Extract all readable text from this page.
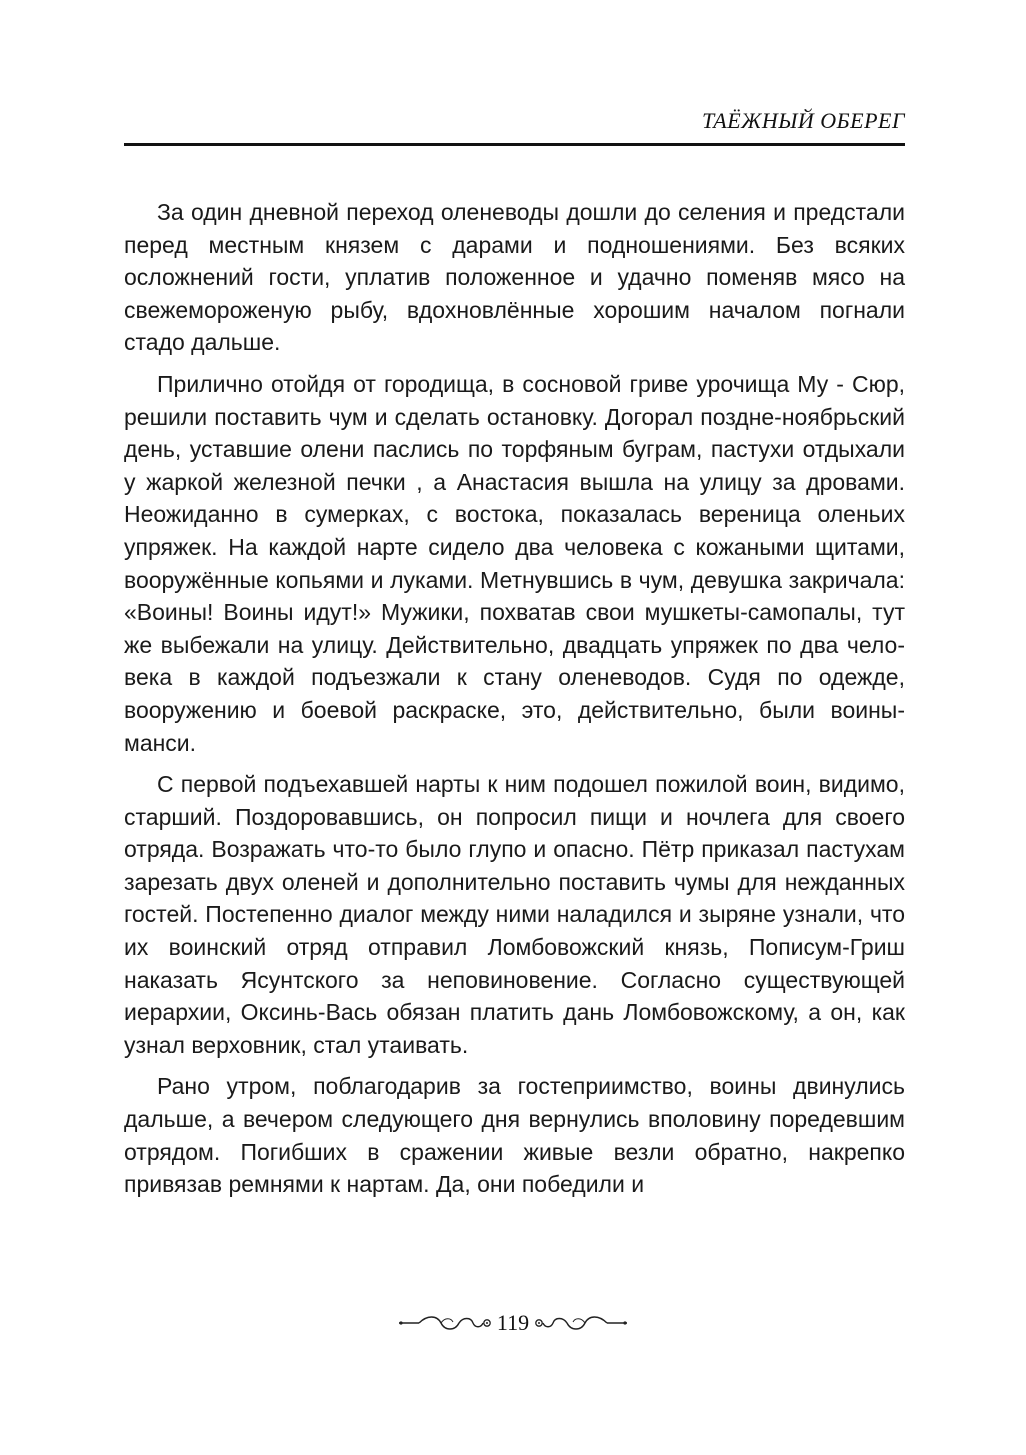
ТАЁЖНЫЙ ОБЕРЕГ

За один дневной переход оленеводы дошли до селения и предстали перед местным князем с дарами и подношениями. Без всяких осложнений гости, уплатив положенное и удачно поменяв мясо на свежемороженую рыбу, вдохновлённые хорошим началом погнали стадо дальше.

Прилично отойдя от городища, в сосновой гриве урочища Му - Сюр, решили поставить чум и сделать остановку. Догорал поздне-ноябрьский день, уставшие олени паслись по торфяным буграм, пастухи отдыхали у жаркой железной печки , а Анастасия вышла на улицу за дровами. Неожиданно в сумерках, с востока, показалась вереница оленьих упряжек. На каждой нарте сидело два человека с кожаными щитами, вооружённые копьями и луками. Метнувшись в чум, девушка закричала: «Воины! Воины идут!» Мужики, похватав свои мушкеты-самопалы, тут же выбежали на улицу. Действительно, двадцать упряжек по два человека в каждой подъезжали к стану оленеводов. Судя по одежде, вооружению и боевой раскраске, это, действительно, были воины-манси.

С первой подъехавшей нарты к ним подошел пожилой воин, видимо, старший. Поздоровавшись, он попросил пищи и ночлега для своего отряда. Возражать что-то было глупо и опасно. Пётр приказал пастухам зарезать двух оленей и дополнительно поставить чумы для нежданных гостей. Постепенно диалог между ними наладился и зыряне узнали, что их воинский отряд отправил Ломбовожский князь, Пописум-Гриш наказать Ясунтского за неповиновение. Согласно существующей иерархии, Оксинь-Вась обязан платить дань Ломбовожскому, а он, как узнал верховник, стал утаивать.

Рано утром, поблагодарив за гостеприимство, воины двинулись дальше, а вечером следующего дня вернулись вполовину поредевшим отрядом. Погибших в сражении живые везли обратно, накрепко привязав ремнями к нартам. Да, они победили и

119
